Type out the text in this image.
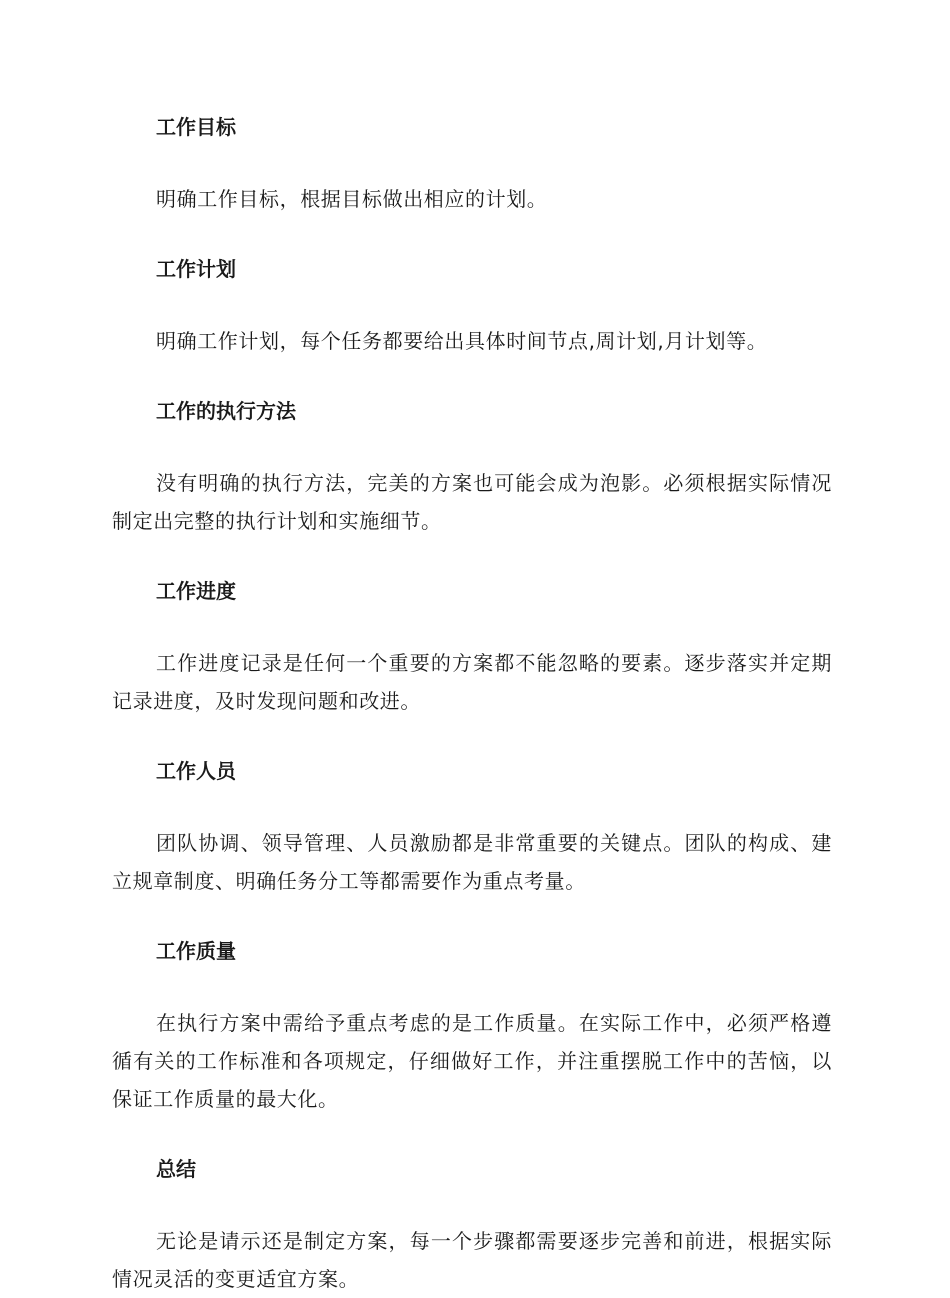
工作目标

明确工作目标，根据目标做出相应的计划。

工作计划

明确工作计划，每个任务都要给出具体时间节点,周计划,月计划等。

工作的执行方法

没有明确的执行方法，完美的方案也可能会成为泡影。必须根据实际情况制定出完整的执行计划和实施细节。

工作进度

工作进度记录是任何一个重要的方案都不能忽略的要素。逐步落实并定期记录进度，及时发现问题和改进。

工作人员

团队协调、领导管理、人员激励都是非常重要的关键点。团队的构成、建立规章制度、明确任务分工等都需要作为重点考量。

工作质量

在执行方案中需给予重点考虑的是工作质量。在实际工作中，必须严格遵循有关的工作标准和各项规定，仔细做好工作，并注重摆脱工作中的苦恼，以保证工作质量的最大化。

总结

无论是请示还是制定方案，每一个步骤都需要逐步完善和前进，根据实际情况灵活的变更适宜方案。
